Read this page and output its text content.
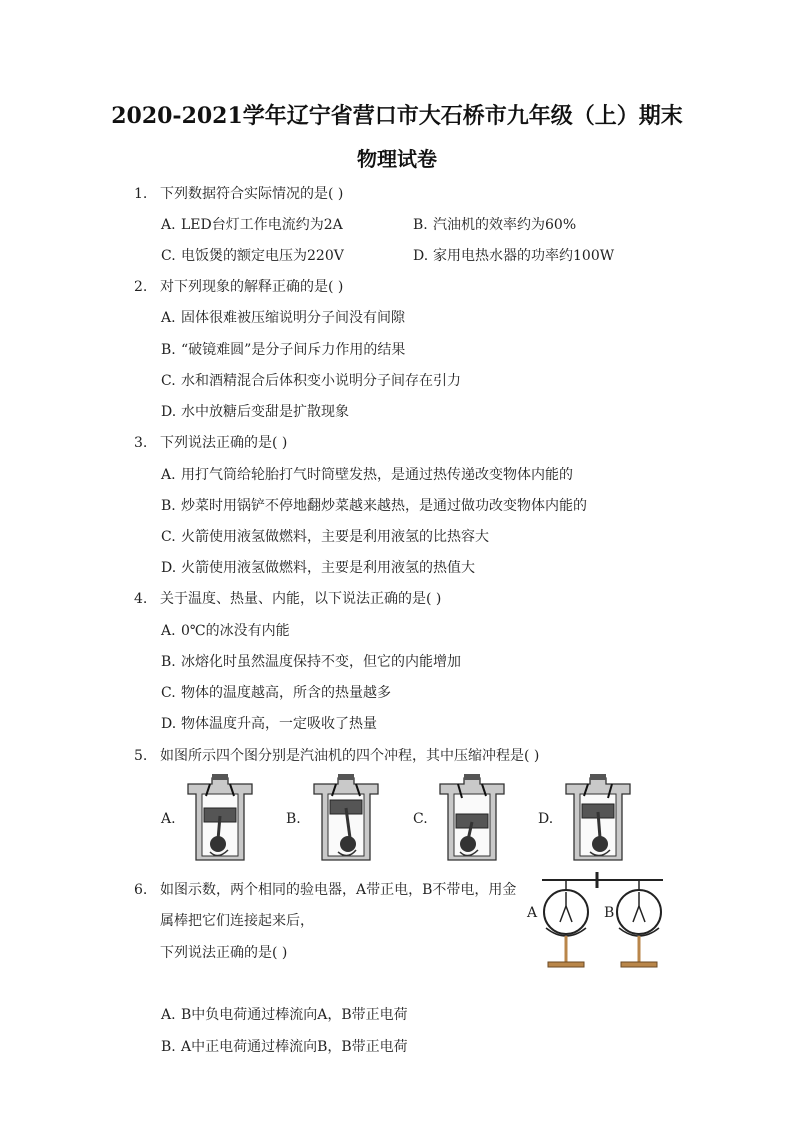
2020-2021学年辽宁省营口市大石桥市九年级（上）期末
物理试卷
1. 下列数据符合实际情况的是( )
A. LED台灯工作电流约为2A	B. 汽油机的效率约为60%
C. 电饭煲的额定电压为220V	D. 家用电热水器的功率约100W
2. 对下列现象的解释正确的是( )
A. 固体很难被压缩说明分子间没有间隙
B. “破镜难圆”是分子间斥力作用的结果
C. 水和酒精混合后体积变小说明分子间存在引力
D. 水中放糖后变甜是扩散现象
3. 下列说法正确的是( )
A. 用打气筒给轮胎打气时筒壁发热，是通过热传递改变物体内能的
B. 炒菜时用锅铲不停地翻炒菜越来越热，是通过做功改变物体内能的
C. 火箭使用液氢做燃料，主要是利用液氢的比热容大
D. 火箭使用液氢做燃料，主要是利用液氢的热值大
4. 关于温度、热量、内能，以下说法正确的是( )
A. 0℃的冰没有内能
B. 冰熔化时虽然温度保持不变，但它的内能增加
C. 物体的温度越高，所含的热量越多
D. 物体温度升高，一定吸收了热量
5. 如图所示四个图分别是汽油机的四个冲程，其中压缩冲程是( )
A.	B.	C.	D.
6. 如图示数，两个相同的验电器，A带正电，B不带电，用金
属棒把它们连接起来后，
下列说法正确的是( )
A	B
A. B中负电荷通过棒流向A，B带正电荷
B. A中正电荷通过棒流向B，B带正电荷
